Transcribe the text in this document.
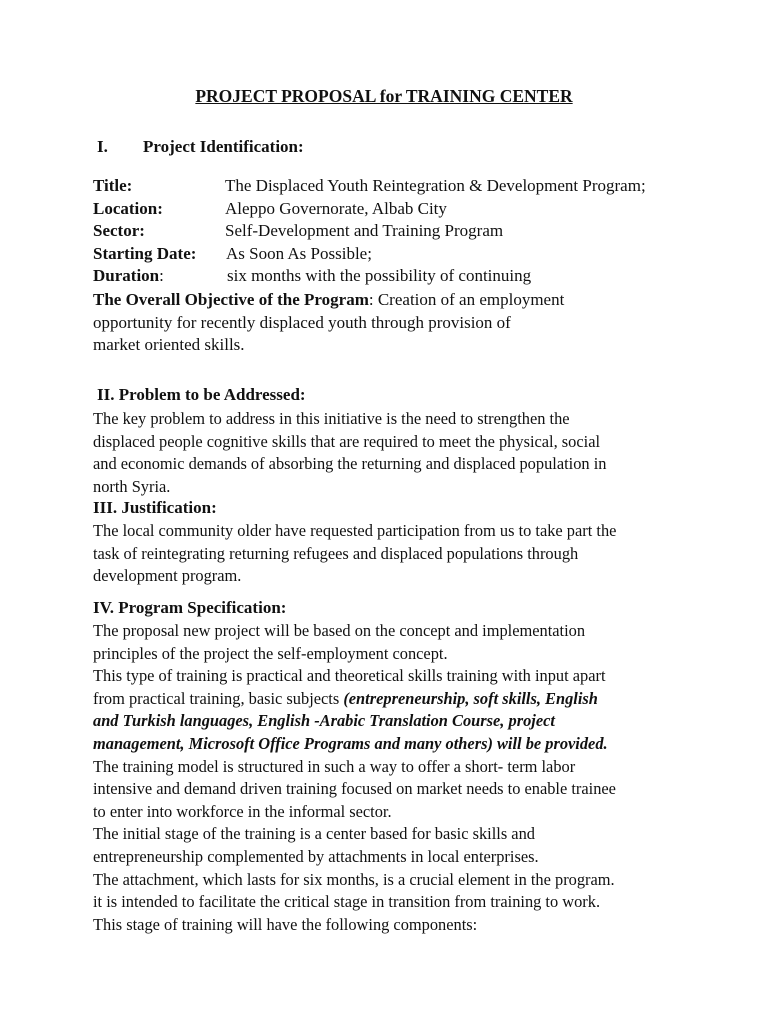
PROJECT PROPOSAL for TRAINING CENTER
I. Project Identification:
Title:	The Displaced Youth Reintegration & Development Program;
Location:	Aleppo Governorate, Albab City
Sector:	Self-Development and Training Program
Starting Date: As Soon As Possible;
Duration:	six months with the possibility of continuing
The Overall Objective of the Program: Creation of an employment
opportunity for recently displaced youth through provision of
market oriented skills.
II. Problem to be Addressed:
The key problem to address in this initiative is the need to strengthen the
displaced people cognitive skills that are required to meet the physical, social
and economic demands of absorbing the returning and displaced population in
north Syria.
III. Justification:
The local community older have requested participation from us to take part the
task of reintegrating returning refugees and displaced populations through
development program.
IV. Program Specification:
The proposal new project will be based on the concept and implementation
principles of the project the self-employment concept.
This type of training is practical and theoretical skills training with input apart
from practical training, basic subjects (entrepreneurship, soft skills, English
and Turkish languages, English -Arabic Translation Course, project
management, Microsoft Office Programs and many others) will be provided.
The training model is structured in such a way to offer a short- term labor
intensive and demand driven training focused on market needs to enable trainee
to enter into workforce in the informal sector.
The initial stage of the training is a center based for basic skills and
entrepreneurship complemented by attachments in local enterprises.
The attachment, which lasts for six months, is a crucial element in the program.
it is intended to facilitate the critical stage in transition from training to work.
This stage of training will have the following components:
